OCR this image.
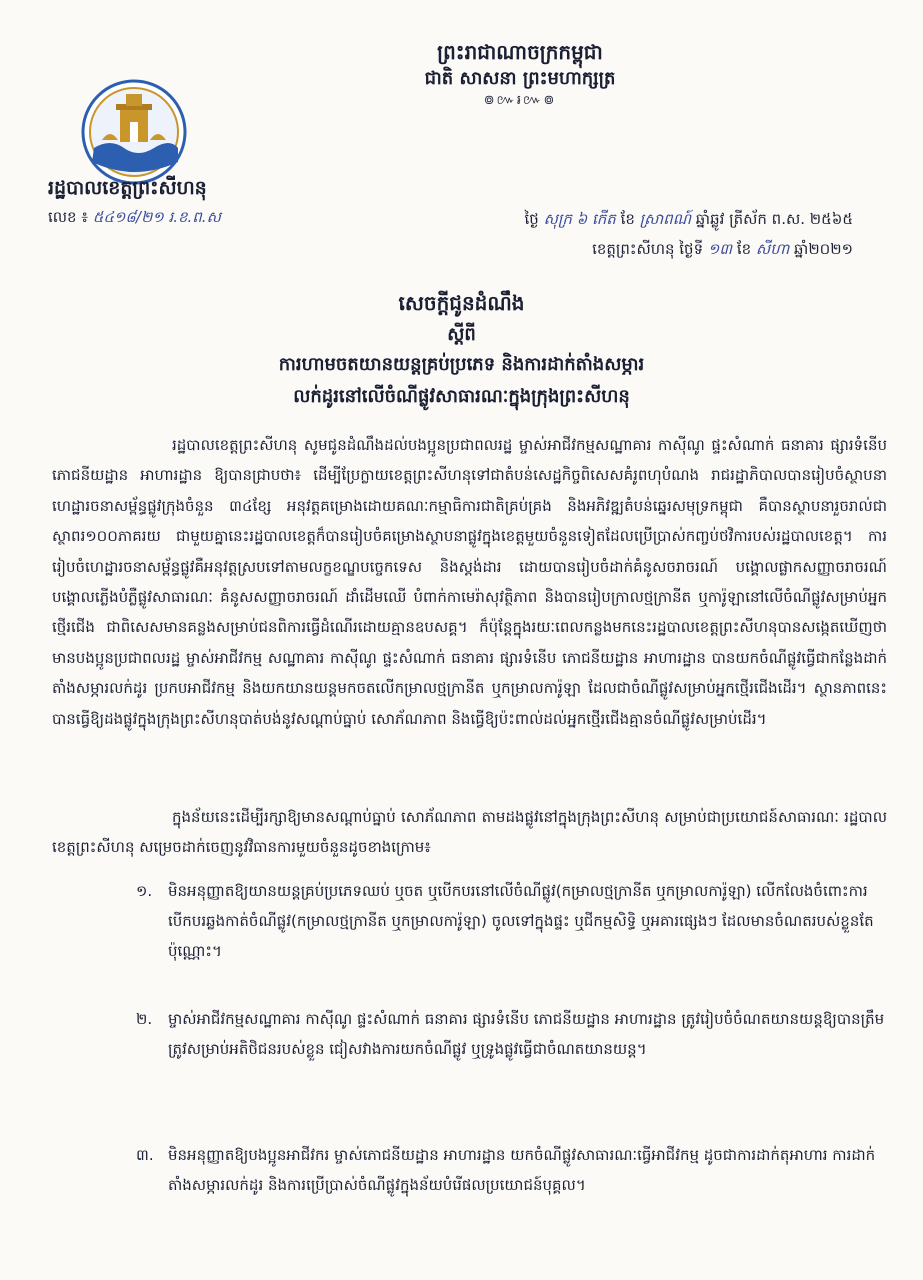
ព្រះរាជាណាចក្រកម្ពុជា
ជាតិ សាសនា ព្រះមហាក្សត្រ
៙៚៛៚៙
រដ្ឋបាលខេត្តព្រះសីហនុ
លេខ ៖ ៥៤១៨/២១ រ.ខ.ព.ស	ថ្ងៃ សុក្រ ៦ កើត ខែ ស្រាពណ៍ ឆ្នាំឆ្លូវ ត្រីស័ក ព.ស. ២៥៦៥
ខេត្តព្រះសីហនុ ថ្ងៃទី ១៣ ខែ សីហា ឆ្នាំ២០២១
សេចក្តីជូនដំណឹង
ស្តីពី
ការហាមចតយានយន្តគ្រប់ប្រភេទ និងការដាក់តាំងសម្ភារ
លក់ដូរនៅលើចំណីផ្លូវសាធារណៈក្នុងក្រុងព្រះសីហនុ
រដ្ឋបាលខេត្តព្រះសីហនុ សូមជូនដំណឹងដល់បងប្អូនប្រជាពលរដ្ឋ ម្ចាស់អាជីវកម្មសណ្ឋាគារ កាស៊ីណូ ផ្ទះសំណាក់ ធនាគារ ផ្សារទំនើប ភោជនីយដ្ឋាន អាហារដ្ឋាន ឱ្យបានជ្រាបថា៖ ដើម្បីប្រែក្លាយខេត្តព្រះសីហនុទៅជាតំបន់សេដ្ឋកិច្ចពិសេសគំរូពហុបំណង រាជរដ្ឋាភិបាលបានរៀបចំស្ថាបនាហេដ្ឋារចនាសម្ព័ន្ធផ្លូវក្រុងចំនួន ៣៤ខ្សែ អនុវត្តគម្រោងដោយគណៈកម្មាធិការជាតិគ្រប់គ្រង និងអភិវឌ្ឍតំបន់ឆ្នេរសមុទ្រកម្ពុជា គឺបានស្ថាបនារួចរាល់ជាស្ថាពរ១០០ភាគរយ ជាមួយគ្នានេះរដ្ឋបាលខេត្តក៏បានរៀបចំគម្រោងស្ថាបនាផ្លូវក្នុងខេត្តមួយចំនួនទៀតដែលប្រើប្រាស់កញ្ចប់ថវិការបស់រដ្ឋបាលខេត្ត។ ការរៀបចំហេដ្ឋារចនាសម្ព័ន្ធផ្លូវគឺអនុវត្តស្របទៅតាមលក្ខខណ្ឌបច្ចេកទេស និងស្តង់ដារ ដោយបានរៀបចំដាក់គំនូសចរាចរណ៍ បង្គោលផ្លាកសញ្ញាចរាចរណ៍ បង្គោលភ្លើងបំភ្លឺផ្លូវសាធារណៈ គំនូសសញ្ញាចរាចរណ៍ ដាំដើមឈើ បំពាក់កាមេរ៉ាសុវត្ថិភាព និងបានរៀបក្រាលថ្មក្រានីត ឬការ៉ូឡានៅលើចំណីផ្លូវសម្រាប់អ្នកថ្មើរជើង ជាពិសេសមានគន្លងសម្រាប់ជនពិការធ្វើដំណើរដោយគ្មានឧបសគ្គ។ ក៏ប៉ុន្តែក្នុងរយៈពេលកន្លងមកនេះរដ្ឋបាលខេត្តព្រះសីហនុបានសង្កេតឃើញថា មានបងប្អូនប្រជាពលរដ្ឋ ម្ចាស់អាជីវកម្ម សណ្ឋាគារ កាស៊ីណូ ផ្ទះសំណាក់ ធនាគារ ផ្សារទំនើប ភោជនីយដ្ឋាន អាហារដ្ឋាន បានយកចំណីផ្លូវធ្វើជាកន្លែងដាក់តាំងសម្ភារលក់ដូរ ប្រកបអាជីវកម្ម និងយកយានយន្តមកចតលើកម្រាលថ្មក្រានីត ឬកម្រាលការ៉ូឡា ដែលជាចំណីផ្លូវសម្រាប់អ្នកថ្មើរជើងដើរ។ ស្ថានភាពនេះបានធ្វើឱ្យដងផ្លូវក្នុងក្រុងព្រះសីហនុបាត់បង់នូវសណ្តាប់ធ្នាប់ សោភ័ណភាព និងធ្វើឱ្យប៉ះពាល់ដល់អ្នកថ្មើរជើងគ្មានចំណីផ្លូវសម្រាប់ដើរ។
ក្នុងន័យនេះដើម្បីរក្សាឱ្យមានសណ្តាប់ធ្នាប់ សោភ័ណភាព តាមដងផ្លូវនៅក្នុងក្រុងព្រះសីហនុ សម្រាប់ជាប្រយោជន៍សាធារណៈ រដ្ឋបាលខេត្តព្រះសីហនុ សម្រេចដាក់ចេញនូវវិធានការមួយចំនួនដូចខាងក្រោម៖
១. មិនអនុញ្ញាតឱ្យយានយន្តគ្រប់ប្រភេទឈប់ ឬចត ឬបើកបរនៅលើចំណីផ្លូវ(កម្រាលថ្មក្រានីត ឬកម្រាលការ៉ូឡា) លើកលែងចំពោះការបើកបរឆ្លងកាត់ចំណីផ្លូវ(កម្រាលថ្មក្រានីត ឬកម្រាលការ៉ូឡា) ចូលទៅក្នុងផ្ទះ ឬជីកម្មសិទ្ធិ ឬអគារផ្សេងៗ ដែលមានចំណតរបស់ខ្លួនតែប៉ុណ្ណោះ។
២. ម្ចាស់អាជីវកម្មសណ្ឋាគារ កាស៊ីណូ ផ្ទះសំណាក់ ធនាគារ ផ្សារទំនើប ភោជនីយដ្ឋាន អាហារដ្ឋាន ត្រូវរៀបចំចំណតយានយន្តឱ្យបានត្រឹមត្រូវសម្រាប់អតិថិជនរបស់ខ្លួន ជៀសវាងការយកចំណីផ្លូវ ឬទ្រូងផ្លូវធ្វើជាចំណតយានយន្ត។
៣. មិនអនុញ្ញាតឱ្យបងប្អូនអាជីវករ ម្ចាស់ភោជនីយដ្ឋាន អាហារដ្ឋាន យកចំណីផ្លូវសាធារណៈធ្វើអាជីវកម្ម ដូចជាការដាក់តុអាហារ ការដាក់តាំងសម្ភារលក់ដូរ និងការប្រើប្រាស់ចំណីផ្លូវក្នុងន័យបំរើផលប្រយោជន៍បុគ្គល។
